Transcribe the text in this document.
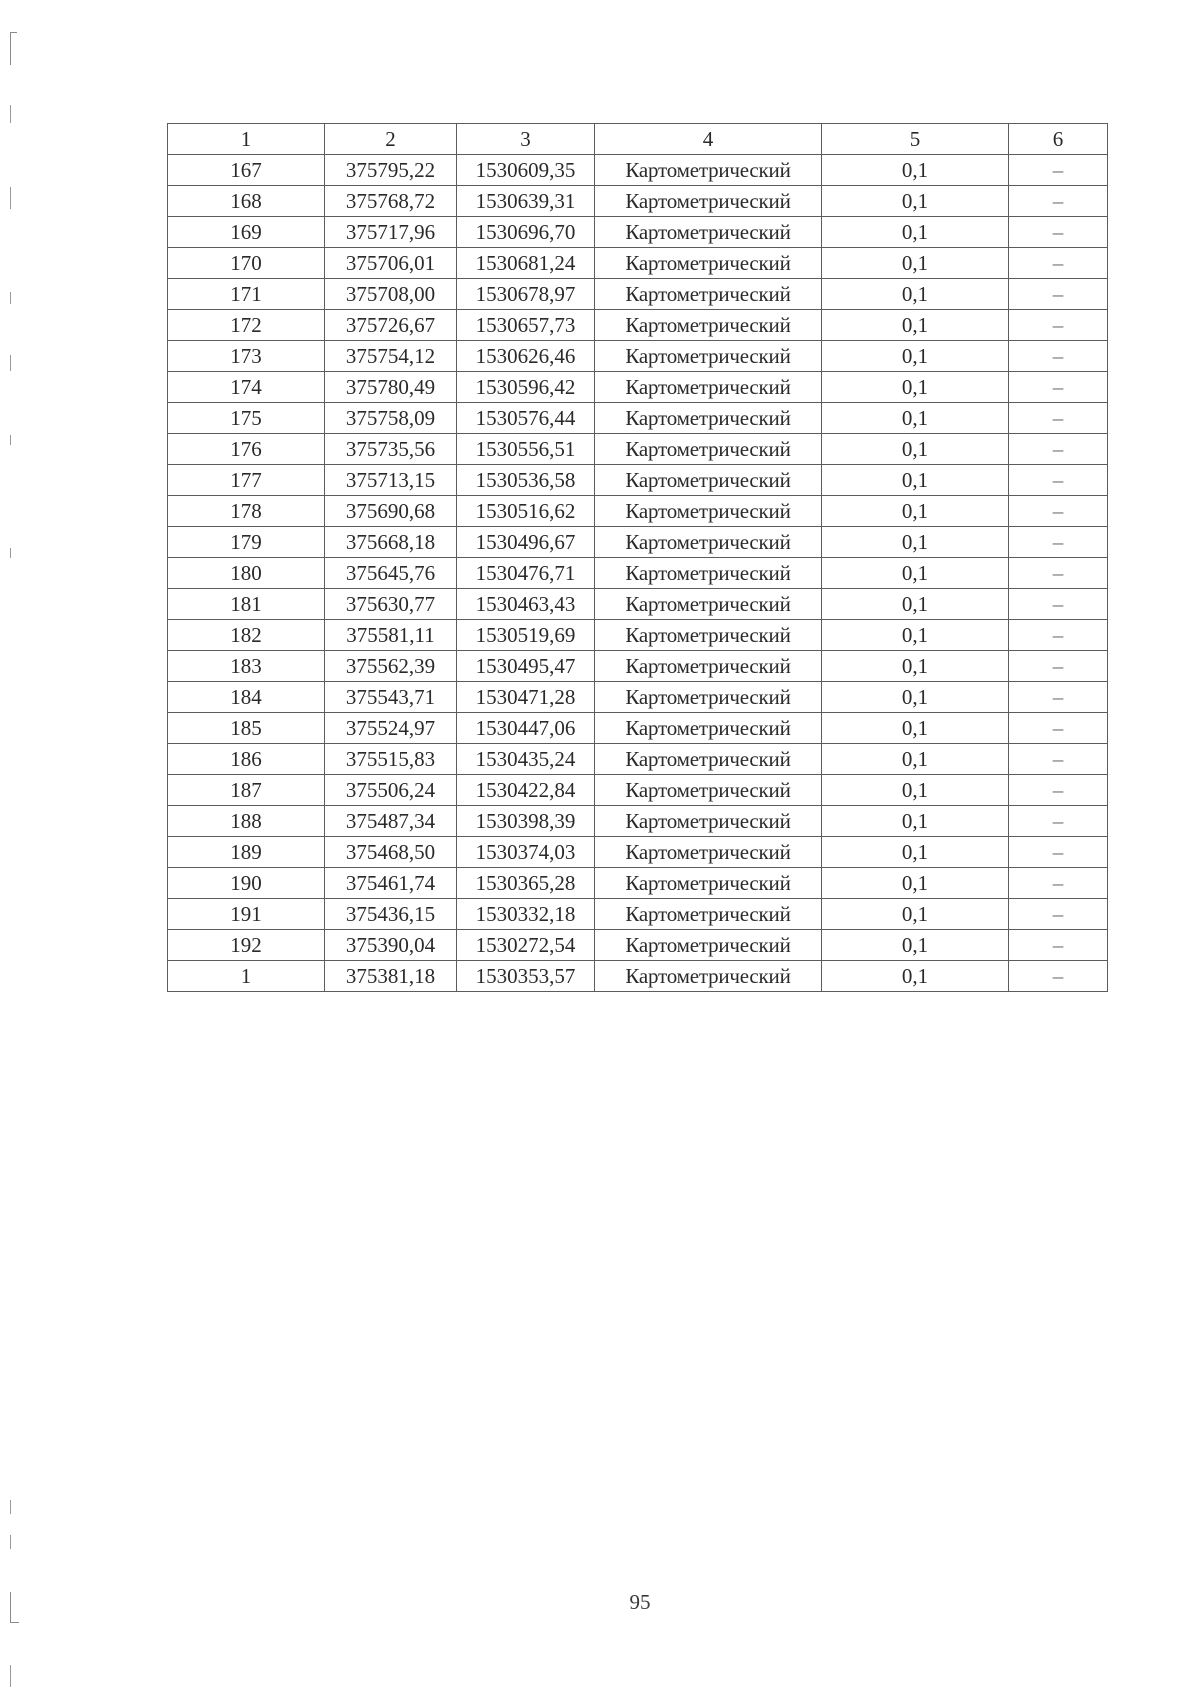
1	2	3	4	5	6
167	375795,22	1530609,35	Картометрический	0,1	–
168	375768,72	1530639,31	Картометрический	0,1	–
169	375717,96	1530696,70	Картометрический	0,1	–
170	375706,01	1530681,24	Картометрический	0,1	–
171	375708,00	1530678,97	Картометрический	0,1	–
172	375726,67	1530657,73	Картометрический	0,1	–
173	375754,12	1530626,46	Картометрический	0,1	–
174	375780,49	1530596,42	Картометрический	0,1	–
175	375758,09	1530576,44	Картометрический	0,1	–
176	375735,56	1530556,51	Картометрический	0,1	–
177	375713,15	1530536,58	Картометрический	0,1	–
178	375690,68	1530516,62	Картометрический	0,1	–
179	375668,18	1530496,67	Картометрический	0,1	–
180	375645,76	1530476,71	Картометрический	0,1	–
181	375630,77	1530463,43	Картометрический	0,1	–
182	375581,11	1530519,69	Картометрический	0,1	–
183	375562,39	1530495,47	Картометрический	0,1	–
184	375543,71	1530471,28	Картометрический	0,1	–
185	375524,97	1530447,06	Картометрический	0,1	–
186	375515,83	1530435,24	Картометрический	0,1	–
187	375506,24	1530422,84	Картометрический	0,1	–
188	375487,34	1530398,39	Картометрический	0,1	–
189	375468,50	1530374,03	Картометрический	0,1	–
190	375461,74	1530365,28	Картометрический	0,1	–
191	375436,15	1530332,18	Картометрический	0,1	–
192	375390,04	1530272,54	Картометрический	0,1	–
1	375381,18	1530353,57	Картометрический	0,1	–
95
